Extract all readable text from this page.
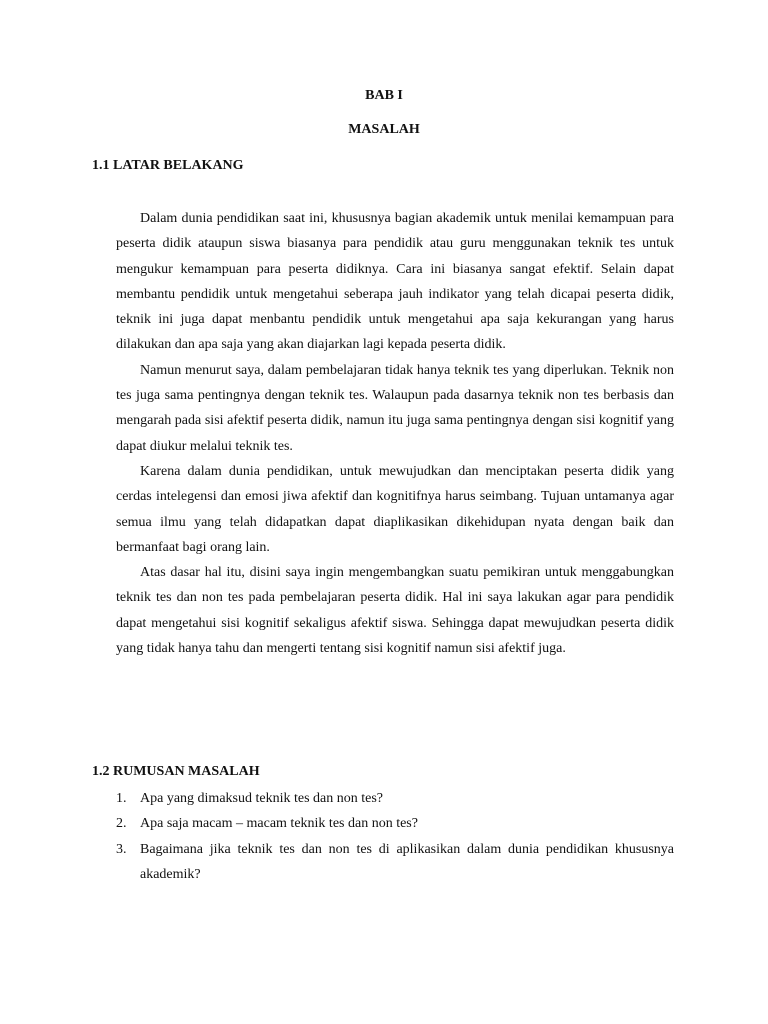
BAB I
MASALAH
1.1 LATAR BELAKANG

Dalam dunia pendidikan saat ini, khususnya bagian akademik untuk menilai kemampuan para peserta didik ataupun siswa biasanya para pendidik atau guru menggunakan teknik tes untuk mengukur kemampuan para peserta didiknya. Cara ini biasanya sangat efektif. Selain dapat membantu pendidik untuk mengetahui seberapa jauh indikator yang telah dicapai peserta didik, teknik ini juga dapat menbantu pendidik untuk mengetahui apa saja kekurangan yang harus dilakukan dan apa saja yang akan diajarkan lagi kepada peserta didik.

Namun menurut saya, dalam pembelajaran tidak hanya teknik tes yang diperlukan. Teknik non tes juga sama pentingnya dengan teknik tes. Walaupun pada dasarnya teknik non tes berbasis dan mengarah pada sisi afektif peserta didik, namun itu juga sama pentingnya dengan sisi kognitif yang dapat diukur melalui teknik tes.

Karena dalam dunia pendidikan, untuk mewujudkan dan menciptakan peserta didik yang cerdas intelegensi dan emosi jiwa afektif dan kognitifnya harus seimbang. Tujuan untamanya agar semua ilmu yang telah didapatkan dapat diaplikasikan dikehidupan nyata dengan baik dan bermanfaat bagi orang lain.

Atas dasar hal itu, disini saya ingin mengembangkan suatu pemikiran untuk menggabungkan teknik tes dan non tes pada pembelajaran peserta didik. Hal ini saya lakukan agar para pendidik dapat mengetahui sisi kognitif sekaligus afektif siswa. Sehingga dapat mewujudkan peserta didik yang tidak hanya tahu dan mengerti tentang sisi kognitif namun sisi afektif juga.

1.2 RUMUSAN MASALAH
1. Apa yang dimaksud teknik tes dan non tes?
2. Apa saja macam – macam teknik tes dan non tes?
3. Bagaimana jika teknik tes dan non tes di aplikasikan dalam dunia pendidikan khususnya akademik?
